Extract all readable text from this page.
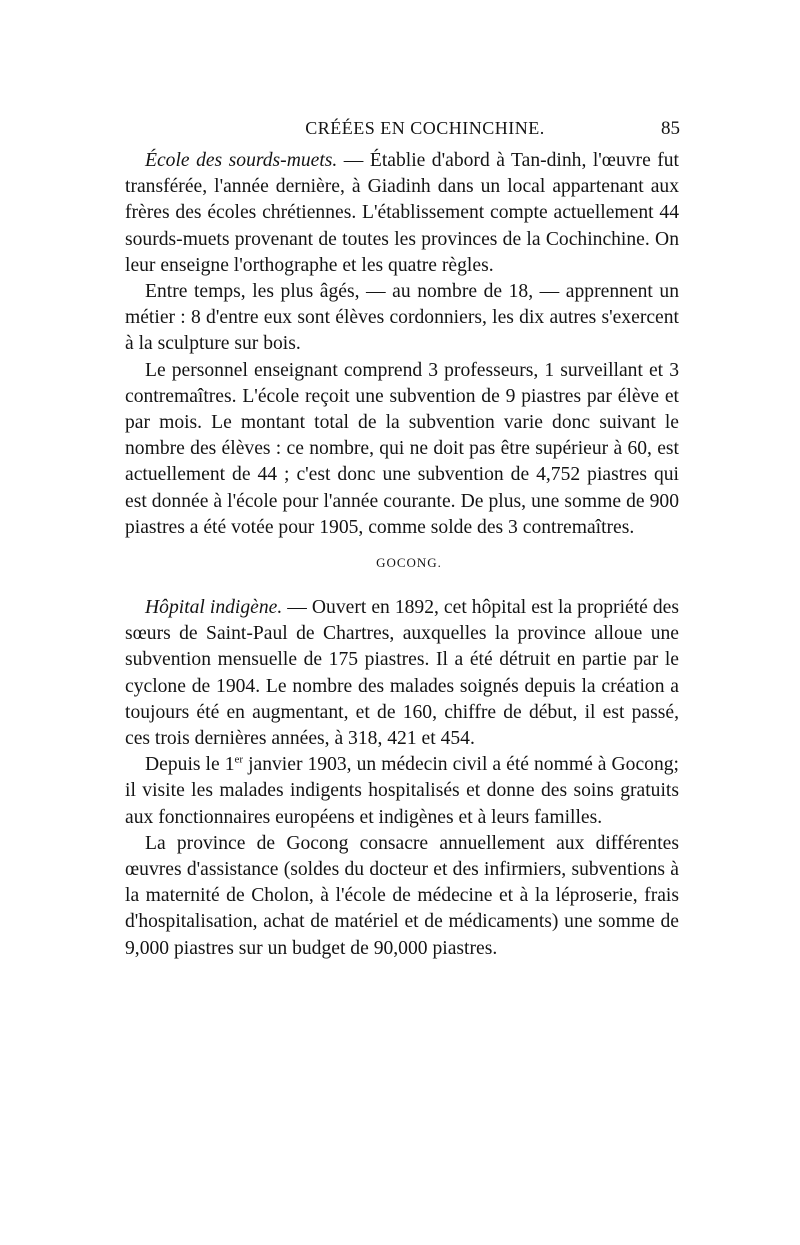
CRÉÉES EN COCHINCHINE.	85

École des sourds-muets. — Établie d'abord à Tan-dinh, l'œuvre fut transférée, l'année dernière, à Giadinh dans un local appartenant aux frères des écoles chrétiennes. L'établissement compte actuellement 44 sourds-muets provenant de toutes les provinces de la Cochinchine. On leur enseigne l'orthographe et les quatre règles.

Entre temps, les plus âgés, — au nombre de 18, — apprennent un métier : 8 d'entre eux sont élèves cordonniers, les dix autres s'exercent à la sculpture sur bois.

Le personnel enseignant comprend 3 professeurs, 1 surveillant et 3 contremaîtres. L'école reçoit une subvention de 9 piastres par élève et par mois. Le montant total de la subvention varie donc suivant le nombre des élèves : ce nombre, qui ne doit pas être supérieur à 60, est actuellement de 44 ; c'est donc une subvention de 4,752 piastres qui est donnée à l'école pour l'année courante. De plus, une somme de 900 piastres a été votée pour 1905, comme solde des 3 contremaîtres.

GOCONG.

Hôpital indigène. — Ouvert en 1892, cet hôpital est la propriété des sœurs de Saint-Paul de Chartres, auxquelles la province alloue une subvention mensuelle de 175 piastres. Il a été détruit en partie par le cyclone de 1904. Le nombre des malades soignés depuis la création a toujours été en augmentant, et de 160, chiffre de début, il est passé, ces trois dernières années, à 318, 421 et 454.

Depuis le 1er janvier 1903, un médecin civil a été nommé à Gocong; il visite les malades indigents hospitalisés et donne des soins gratuits aux fonctionnaires européens et indigènes et à leurs familles.

La province de Gocong consacre annuellement aux différentes œuvres d'assistance (soldes du docteur et des infirmiers, subventions à la maternité de Cholon, à l'école de médecine et à la léproserie, frais d'hospitalisation, achat de matériel et de médicaments) une somme de 9,000 piastres sur un budget de 90,000 piastres.
